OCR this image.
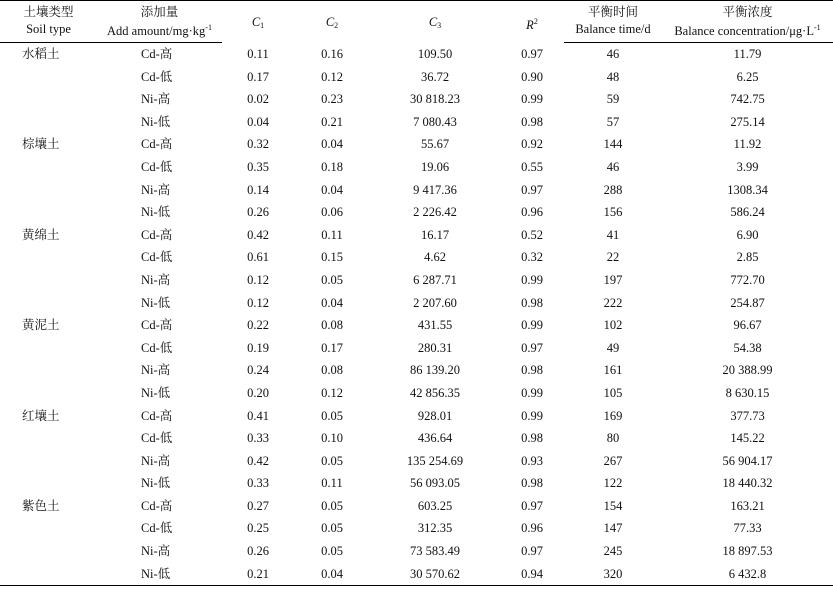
土壤类型	添加量	$C_1$	$C_2$	$C_3$	$R^2$	平衡时间	平衡浓度
Soil type	Add amount/$mg\cdot kg^{-1}$					Balance time/d	Balance concentration/$\mu g\cdot L^{-1}$
水稻土	Cd-高	0.11	0.16	109.50	0.97	46	11.79
	Cd-低	0.17	0.12	36.72	0.90	48	6.25
	Ni-高	0.02	0.23	30 818.23	0.99	59	742.75
	Ni-低	0.04	0.21	7 080.43	0.98	57	275.14
棕壤土	Cd-高	0.32	0.04	55.67	0.92	144	11.92
	Cd-低	0.35	0.18	19.06	0.55	46	3.99
	Ni-高	0.14	0.04	9 417.36	0.97	288	1308.34
	Ni-低	0.26	0.06	2 226.42	0.96	156	586.24
黄绵土	Cd-高	0.42	0.11	16.17	0.52	41	6.90
	Cd-低	0.61	0.15	4.62	0.32	22	2.85
	Ni-高	0.12	0.05	6 287.71	0.99	197	772.70
	Ni-低	0.12	0.04	2 207.60	0.98	222	254.87
黄泥土	Cd-高	0.22	0.08	431.55	0.99	102	96.67
	Cd-低	0.19	0.17	280.31	0.97	49	54.38
	Ni-高	0.24	0.08	86 139.20	0.98	161	20 388.99
	Ni-低	0.20	0.12	42 856.35	0.99	105	8 630.15
红壤土	Cd-高	0.41	0.05	928.01	0.99	169	377.73
	Cd-低	0.33	0.10	436.64	0.98	80	145.22
	Ni-高	0.42	0.05	135 254.69	0.93	267	56 904.17
	Ni-低	0.33	0.11	56 093.05	0.98	122	18 440.32
紫色土	Cd-高	0.27	0.05	603.25	0.97	154	163.21
	Cd-低	0.25	0.05	312.35	0.96	147	77.33
	Ni-高	0.26	0.05	73 583.49	0.97	245	18 897.53
	Ni-低	0.21	0.04	30 570.62	0.94	320	6 432.8
